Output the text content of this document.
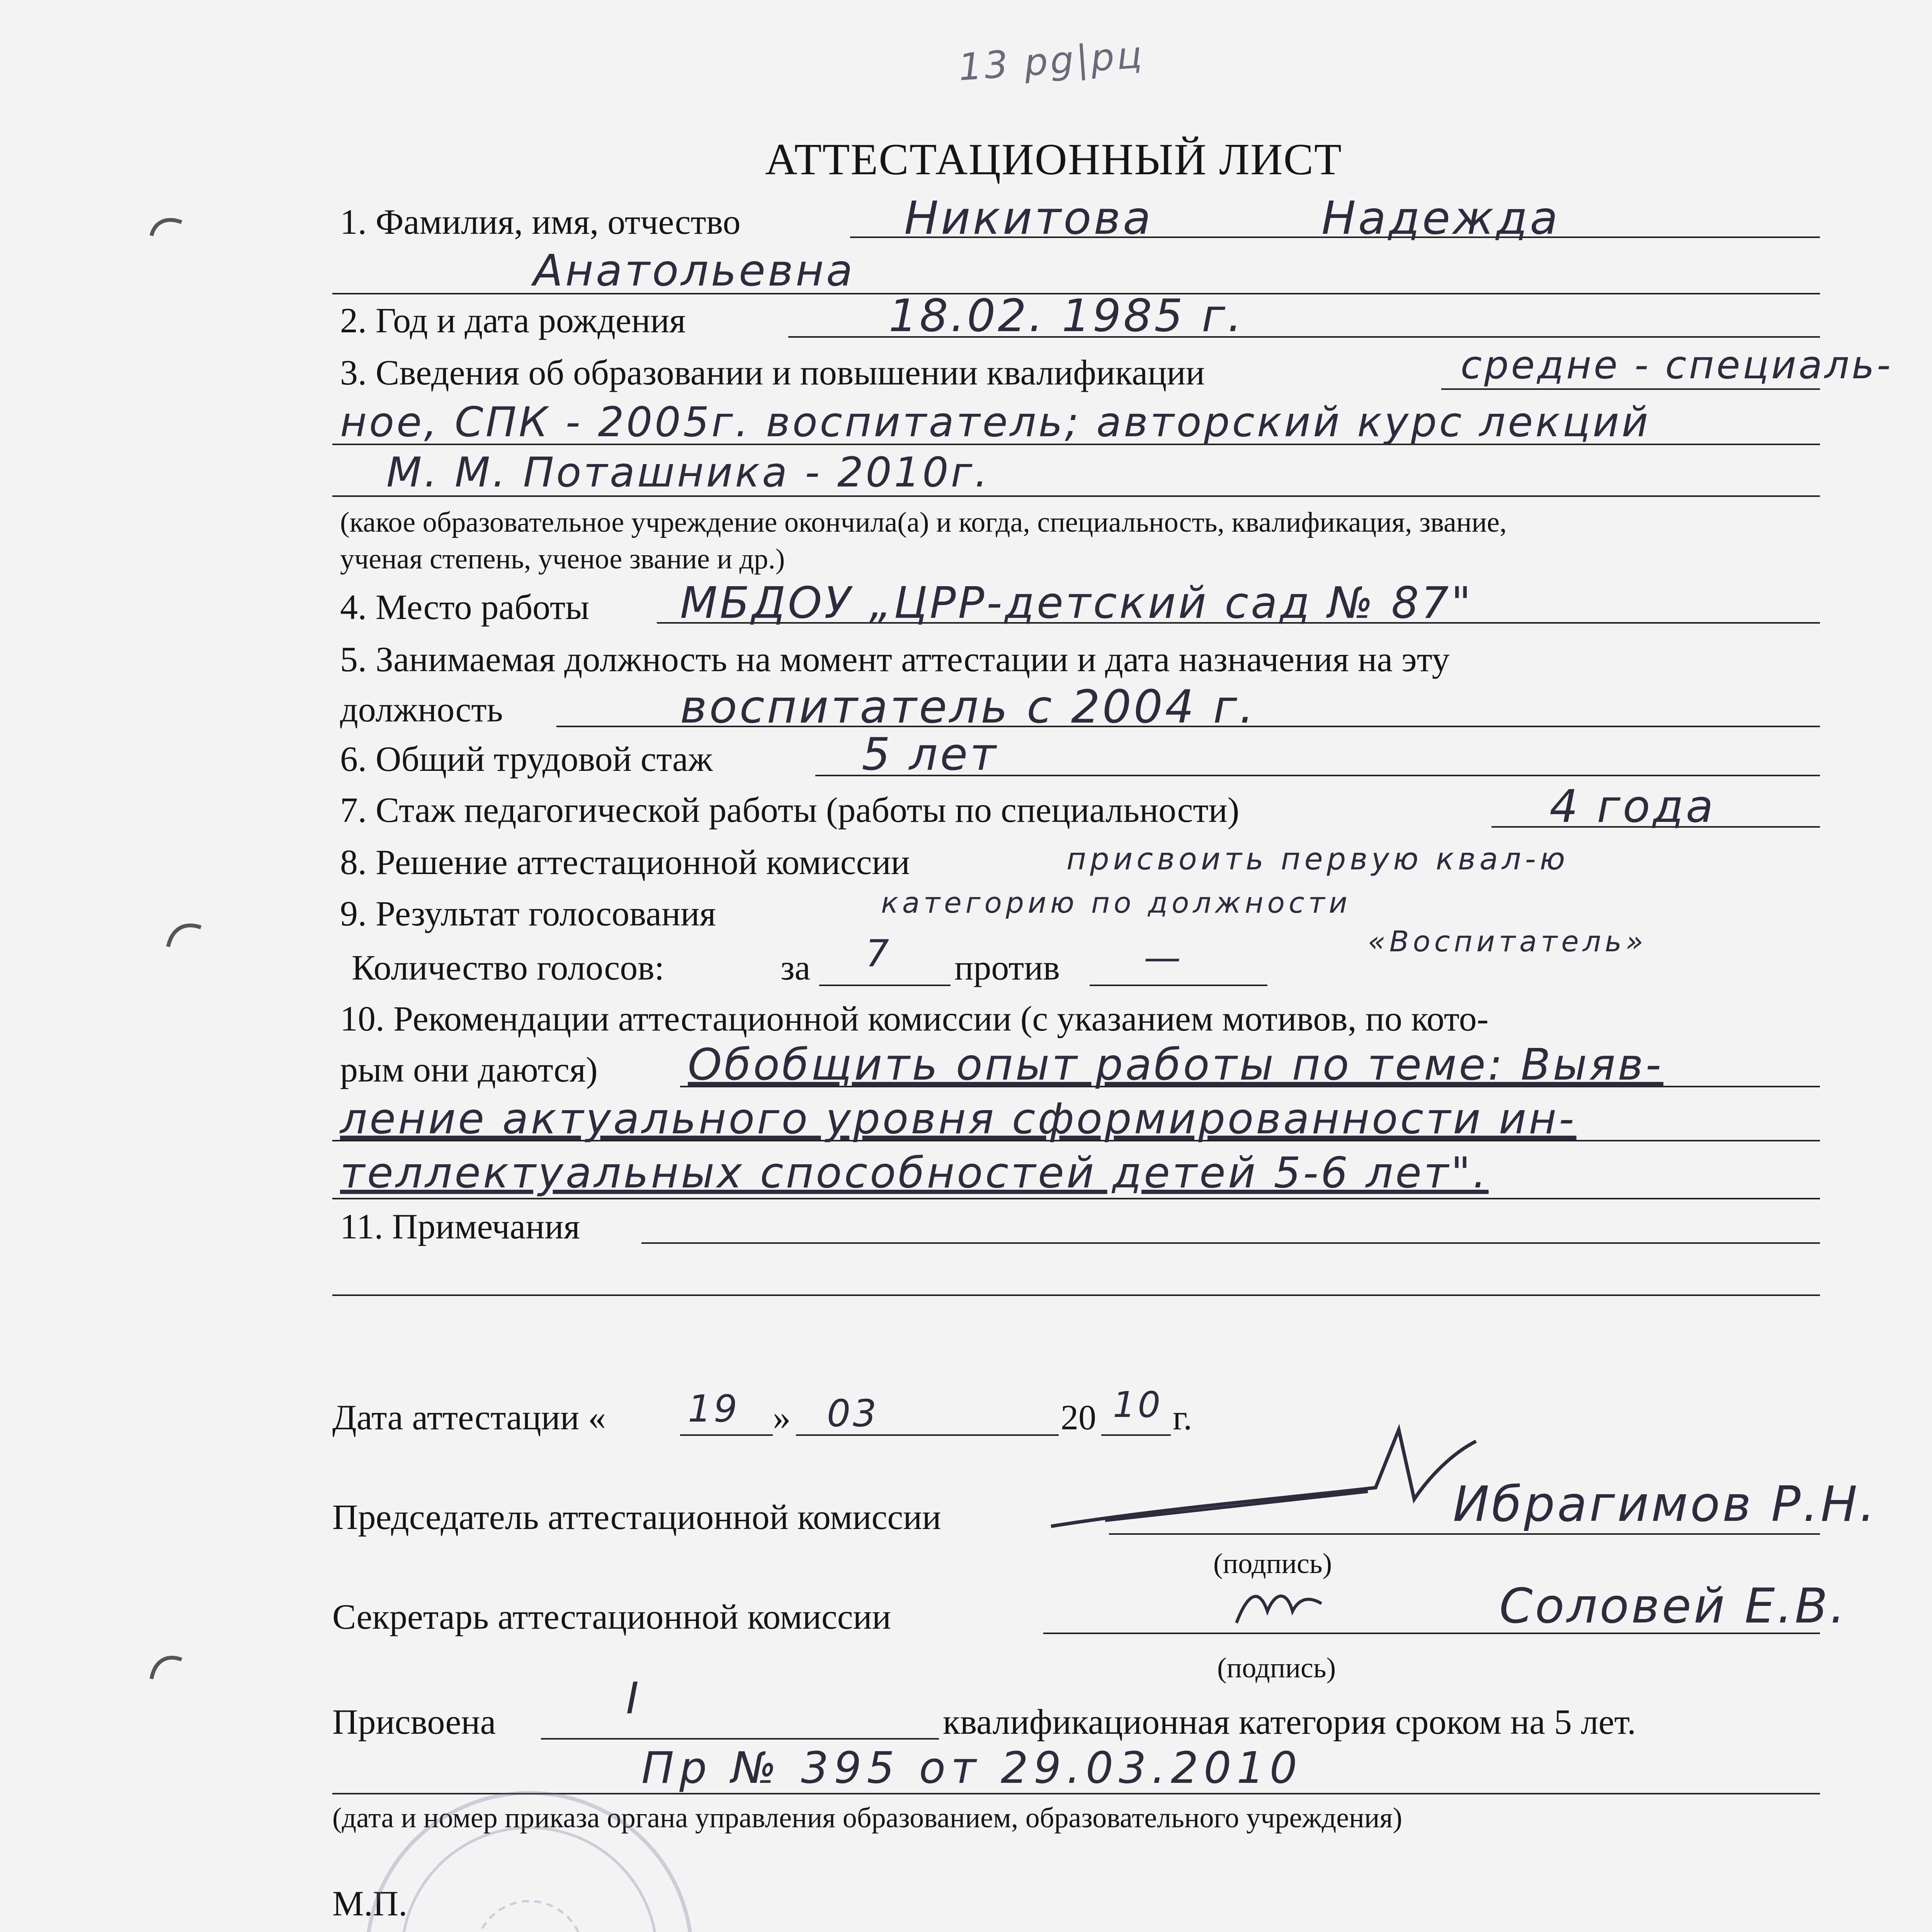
13 рg|рц
АТТЕСТАЦИОННЫЙ ЛИСТ
1. Фамилия, имя, отчество	Никитова	Надежда
Анатольевна
2. Год и дата рождения	18.02. 1985 г.
3. Сведения об образовании и повышении квалификации	средне - специаль-
ное, СПК - 2005г. воспитатель; авторский курс лекций
М. М. Поташника - 2010г.
(какое образовательное учреждение окончила(а) и когда, специальность, квалификация, звание,
ученая степень, ученое звание и др.)
4. Место работы МБДОУ „ЦРР-детский сад № 87"
5. Занимаемая должность на момент аттестации и дата назначения на эту
должность	воспитатель с 2004 г.
6. Общий трудовой стаж	5 лет
7. Стаж педагогической работы (работы по специальности)	4 года
8. Решение аттестационной комиссии	присвоить первую квал-ю
9. Результат голосования	категорию по должности
«Воспитатель»
Количество голосов:	за 7 против —
10. Рекомендации аттестационной комиссии (с указанием мотивов, по кото-
рым они даются) Обобщить опыт работы по теме: Выяв-
ление актуального уровня сформированности ин-
теллектуальных способностей детей 5-6 лет".
11. Примечания
Дата аттестации « 19 » 03	20 10 г.
Председатель аттестационной комиссии	Ибрагимов Р.Н.
(подпись)
Секретарь аттестационной комиссии	Соловей Е.В.
(подпись)
Присвоена	I	квалификационная категория сроком на 5 лет.
Пр № 395 от 29.03.2010
(дата и номер приказа органа управления образованием, образовательного учреждения)
М.П.
